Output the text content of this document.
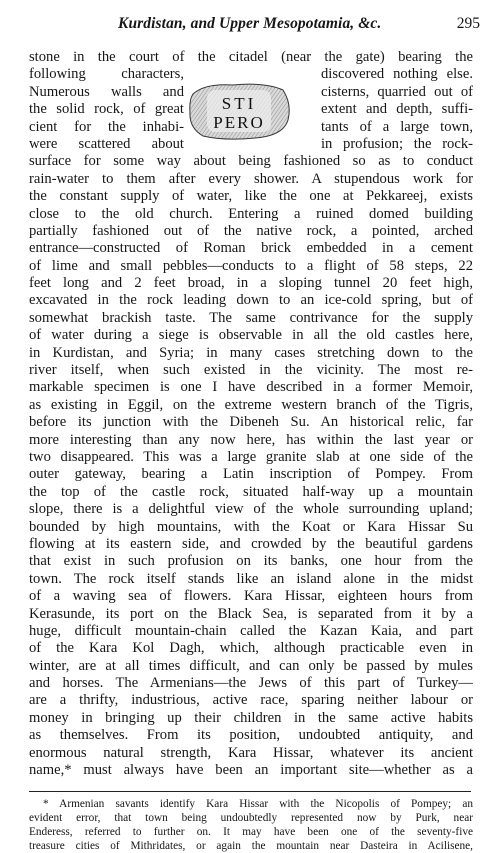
Kurdistan, and Upper Mesopotamia, &c.	295
STI
PERO
stone in the court of the citadel (near the gate) bearing the
following characters,	discovered nothing else.
Numerous walls and	cisterns, quarried out of
the solid rock, of great	extent and depth, suffi-
cient for the inhabi-	tants of a large town,
were scattered about	in profusion; the rock-
surface for some way about being fashioned so as to conduct
rain-water to them after every shower. A stupendous work for
the constant supply of water, like the one at Pekkareej, exists
close to the old church. Entering a ruined domed building
partially fashioned out of the native rock, a pointed, arched
entrance—constructed of Roman brick embedded in a cement
of lime and small pebbles—conducts to a flight of 58 steps, 22
feet long and 2 feet broad, in a sloping tunnel 20 feet high,
excavated in the rock leading down to an ice-cold spring, but of
somewhat brackish taste. The same contrivance for the supply
of water during a siege is observable in all the old castles here,
in Kurdistan, and Syria; in many cases stretching down to the
river itself, when such existed in the vicinity. The most re-
markable specimen is one I have described in a former Memoir,
as existing in Eggil, on the extreme western branch of the Tigris,
before its junction with the Dibeneh Su. An historical relic, far
more interesting than any now here, has within the last year or
two disappeared. This was a large granite slab at one side of the
outer gateway, bearing a Latin inscription of Pompey. From
the top of the castle rock, situated half-way up a mountain
slope, there is a delightful view of the whole surrounding upland;
bounded by high mountains, with the Koat or Kara Hissar Su
flowing at its eastern side, and crowded by the beautiful gardens
that exist in such profusion on its banks, one hour from the
town. The rock itself stands like an island alone in the midst
of a waving sea of flowers. Kara Hissar, eighteen hours from
Kerasunde, its port on the Black Sea, is separated from it by a
huge, difficult mountain-chain called the Kazan Kaia, and part
of the Kara Kol Dagh, which, although practicable even in
winter, are at all times difficult, and can only be passed by mules
and horses. The Armenians—the Jews of this part of Turkey—
are a thrifty, industrious, active race, sparing neither labour or
money in bringing up their children in the same active habits
as themselves. From its position, undoubted antiquity, and
enormous natural strength, Kara Hissar, whatever its ancient
name,* must always have been an important site—whether as a
* Armenian savants identify Kara Hissar with the Nicopolis of Pompey; an
evident error, that town being undoubtedly represented now by Purk, near
Enderess, referred to further on. It may have been one of the seventy-five
treasure cities of Mithridates, or again the mountain near Dasteira in Acilisene,
